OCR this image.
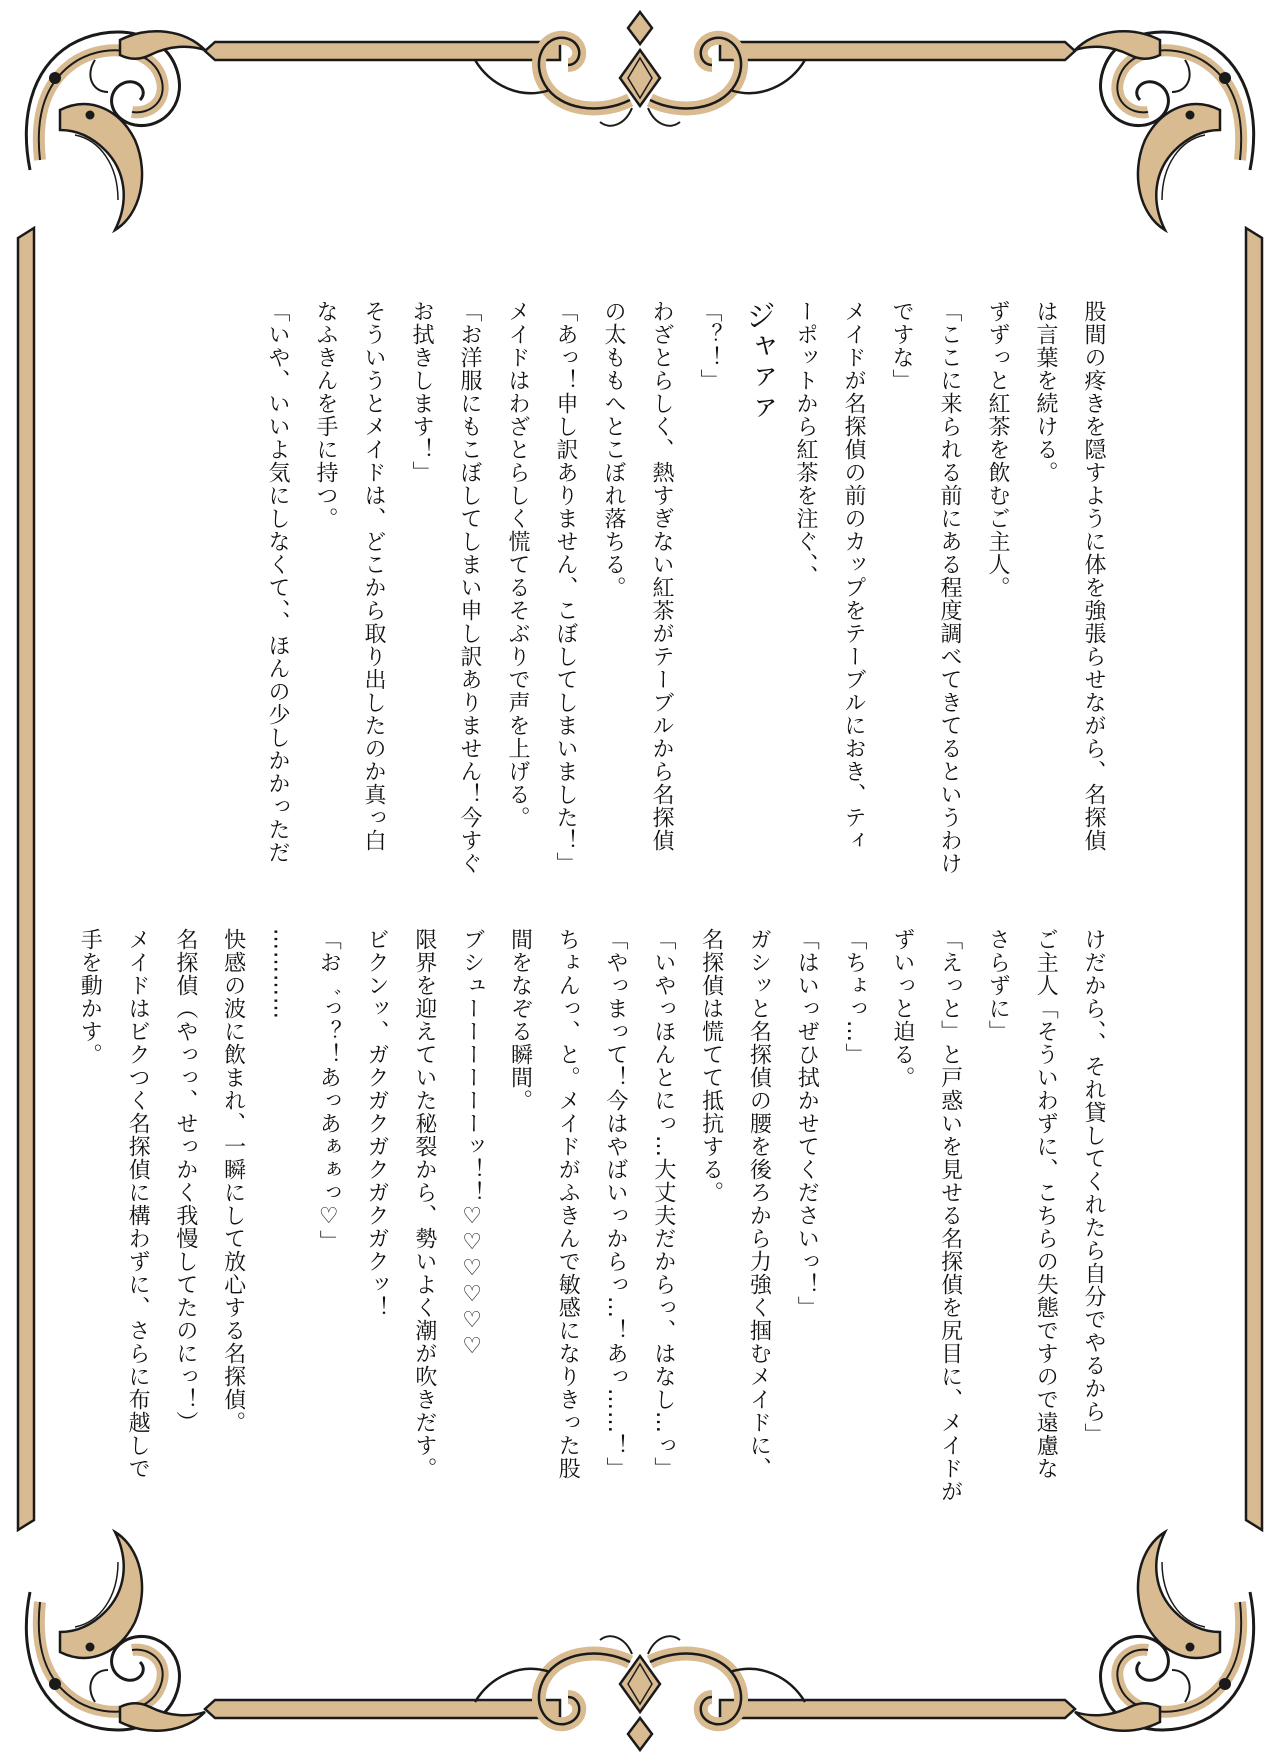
股間の疼きを隠すように体を強張らせながら、名探偵
は言葉を続ける。
ずずっと紅茶を飲むご主人。
「ここに来られる前にある程度調べてきてるというわけ
ですな」
メイドが名探偵の前のカップをテーブルにおき、ティ
ーポットから紅茶を注ぐ、、
ジャァァ
「？！」
わざとらしく、熱すぎない紅茶がテーブルから名探偵
の太ももへとこぼれ落ちる。
「あっ！申し訳ありません、こぼしてしまいました！」
メイドはわざとらしく慌てるそぶりで声を上げる。
「お洋服にもこぼしてしまい申し訳ありません！今すぐ
お拭きします！」
そういうとメイドは、どこから取り出したのか真っ白
なふきんを手に持つ。
「いや、いいよ気にしなくて、、ほんの少しかかっただ
けだから、、それ貸してくれたら自分でやるから」
ご主人「そういわずに、こちらの失態ですので遠慮な
さらずに」
「えっと」と戸惑いを見せる名探偵を尻目に、メイドが
ずいっと迫る。
「ちょっ…」
「はいっぜひ拭かせてくださいっ！」
ガシッと名探偵の腰を後ろから力強く掴むメイドに、
名探偵は慌てて抵抗する。
「いやっほんとにっ…大丈夫だからっ、はなし…っ」
「やっまって！今はやばいっからっ…！あっ……！」
ちょんっ、と。メイドがふきんで敏感になりきった股
間をなぞる瞬間。
ブシューーーーーーッ！！♡♡♡♡♡♡
限界を迎えていた秘裂から、勢いよく潮が吹きだす。
ビクンッ、ガクガクガクガクガクッ！
「お゛っ？！あっあぁぁっ♡」
…………
快感の波に飲まれ、一瞬にして放心する名探偵。
名探偵（やっっ、せっかく我慢してたのにっ！）
メイドはビクつく名探偵に構わずに、さらに布越しで
手を動かす。
